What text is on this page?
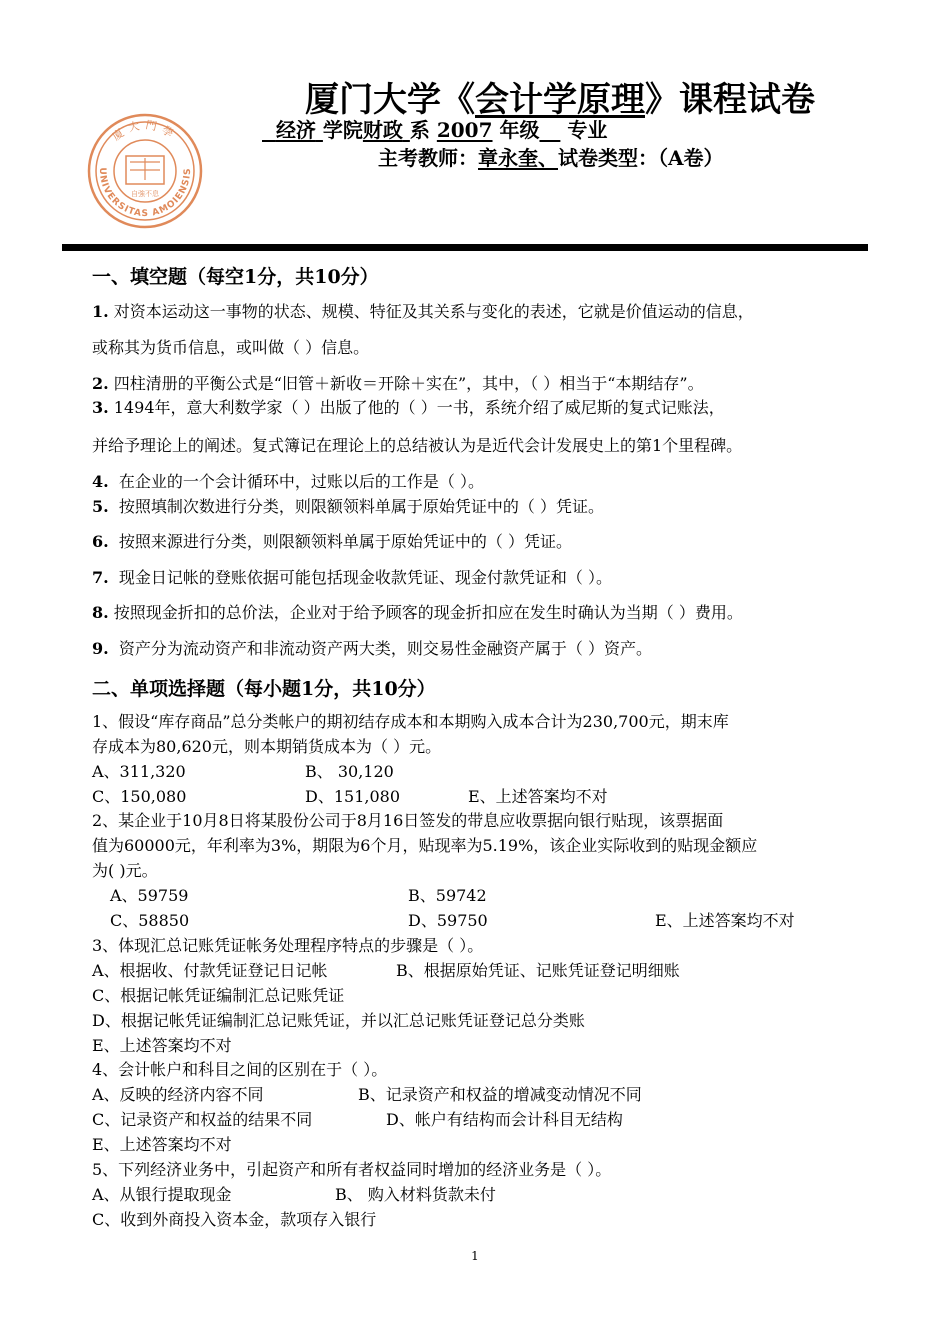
UNIVERSITAS AMOIENSIS
廈大門學
自強不息
厦门大学《会计学原理》课程试卷
经济 学院财政 系 2007 年级 专业
主考教师：章永奎、试卷类型：（A卷）
一、填空题（每空1分，共10分）
1. 对资本运动这一事物的状态、规模、特征及其关系与变化的表述，它就是价值运动的信息，
或称其为货币信息，或叫做（ ）信息。
2. 四柱清册的平衡公式是“旧管＋新收＝开除＋实在”，其中，（ ）相当于“本期结存”。
3. 1494年，意大利数学家（ ）出版了他的（ ）一书，系统介绍了威尼斯的复式记账法，
并给予理论上的阐述。复式簿记在理论上的总结被认为是近代会计发展史上的第1个里程碑。
4. 在企业的一个会计循环中，过账以后的工作是（ ）。
5. 按照填制次数进行分类，则限额领料单属于原始凭证中的（ ）凭证。
6. 按照来源进行分类，则限额领料单属于原始凭证中的（ ）凭证。
7. 现金日记帐的登账依据可能包括现金收款凭证、现金付款凭证和（ ）。
8. 按照现金折扣的总价法，企业对于给予顾客的现金折扣应在发生时确认为当期（ ）费用。
9. 资产分为流动资产和非流动资产两大类，则交易性金融资产属于（ ）资产。
二、单项选择题（每小题1分，共10分）
1、假设“库存商品”总分类帐户的期初结存成本和本期购入成本合计为230,700元，期末库
存成本为80,620元，则本期销货成本为（ ）元。
A、311,320	B、 30,120
C、150,080	D、151,080	E、上述答案均不对
2、某企业于10月8日将某股份公司于8月16日签发的带息应收票据向银行贴现，该票据面
值为60000元，年利率为3%，期限为6个月，贴现率为5.19%，该企业实际收到的贴现金额应
为( )元。
A、59759	B、59742
C、58850	D、59750	E、上述答案均不对
3、体现汇总记账凭证帐务处理程序特点的步骤是（ ）。
A、根据收、付款凭证登记日记帐	B、根据原始凭证、记账凭证登记明细账
C、根据记帐凭证编制汇总记账凭证
D、根据记帐凭证编制汇总记账凭证，并以汇总记账凭证登记总分类账
E、上述答案均不对
4、会计帐户和科目之间的区别在于（ ）。
A、反映的经济内容不同	B、记录资产和权益的增减变动情况不同
C、记录资产和权益的结果不同	D、帐户有结构而会计科目无结构
E、上述答案均不对
5、下列经济业务中，引起资产和所有者权益同时增加的经济业务是（ ）。
A、从银行提取现金	B、 购入材料货款未付
C、收到外商投入资本金，款项存入银行
1
